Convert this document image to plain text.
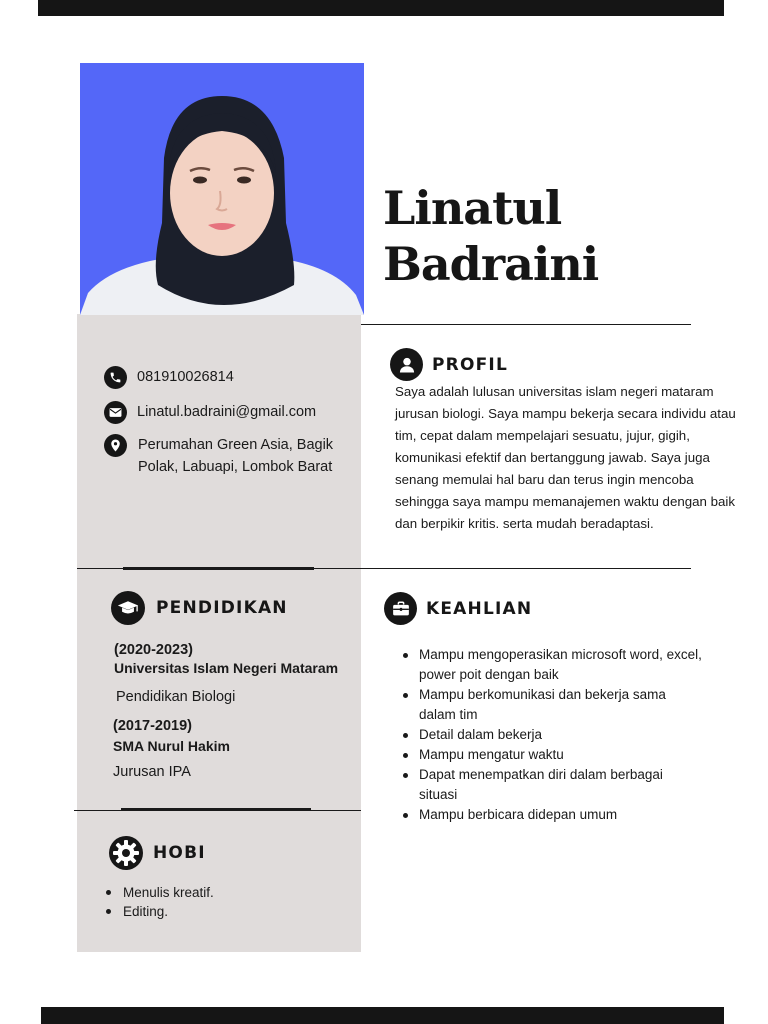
Linatul
Badraini
081910026814
Linatul.badraini@gmail.com
Perumahan Green Asia, Bagik
Polak, Labuapi, Lombok Barat
PROFIL

Saya adalah lulusan universitas islam negeri mataram jurusan biologi. Saya mampu bekerja secara individu atau tim, cepat dalam mempelajari sesuatu, jujur, gigih, komunikasi efektif dan bertanggung jawab. Saya juga senang memulai hal baru dan terus ingin mencoba sehingga saya mampu memanajemen waktu dengan baik dan berpikir kritis. serta mudah beradaptasi.

PENDIDIKAN
(2020-2023)
Universitas Islam Negeri Mataram
Pendidikan Biologi
(2017-2019)
SMA Nurul Hakim
Jurusan IPA
KEAHLIAN
Mampu mengoperasikan microsoft word, excel, power poit dengan baik
Mampu berkomunikasi dan bekerja sama dalam tim
Detail dalam bekerja
Mampu mengatur waktu
Dapat menempatkan diri dalam berbagai situasi
Mampu berbicara didepan umum
HOBI
Menulis kreatif.
Editing.
